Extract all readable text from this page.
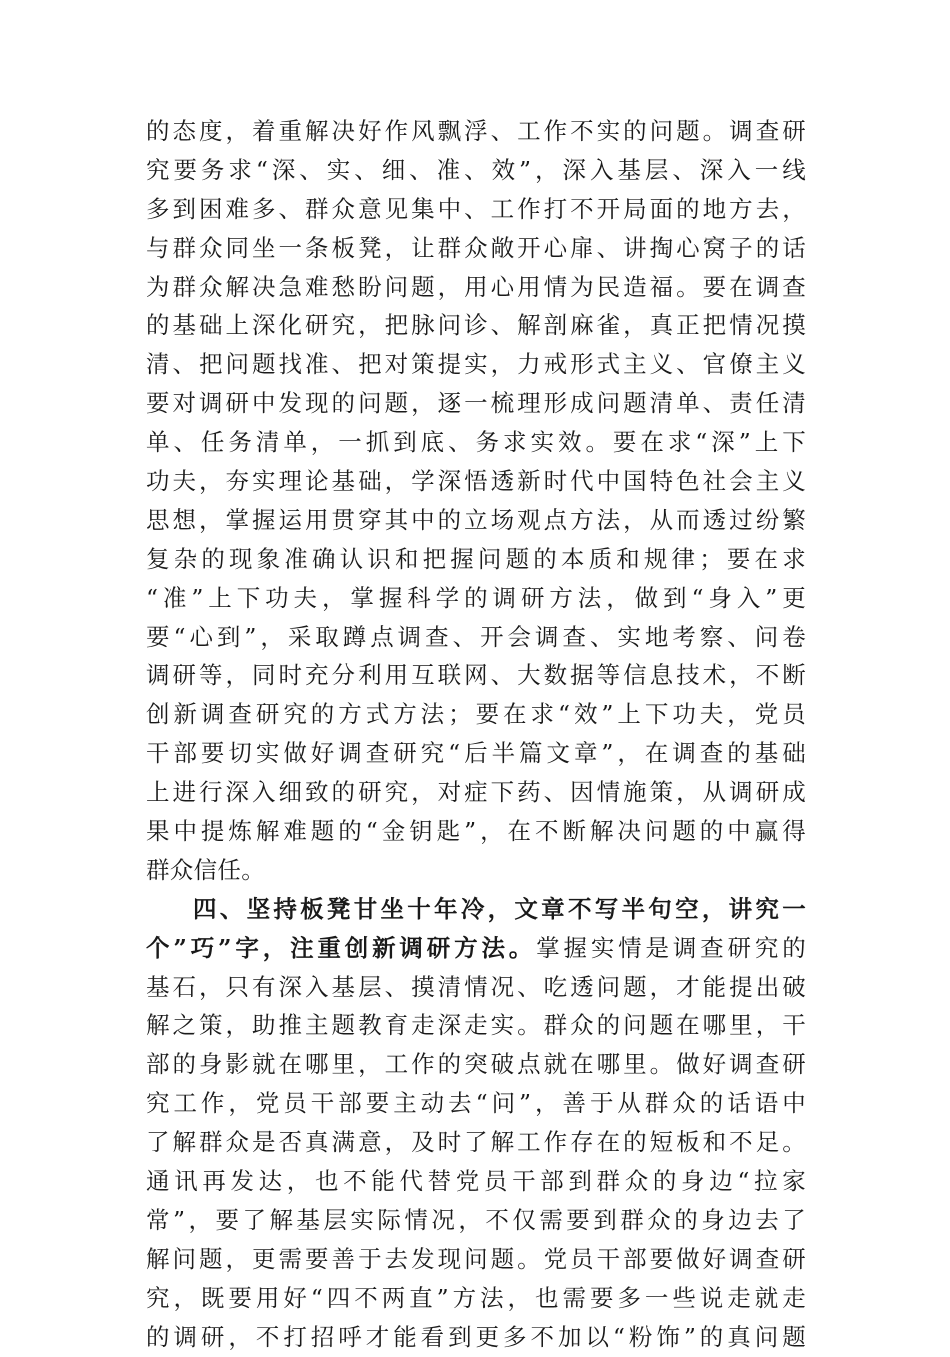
的态度，着重解决好作风飘浮、工作不实的问题。调查研
究要务求“深、实、细、准、效”，深入基层、深入一线
多到困难多、群众意见集中、工作打不开局面的地方去，
与群众同坐一条板凳，让群众敞开心扉、讲掏心窝子的话
为群众解决急难愁盼问题，用心用情为民造福。要在调查
的基础上深化研究，把脉问诊、解剖麻雀，真正把情况摸
清、把问题找准、把对策提实，力戒形式主义、官僚主义
要对调研中发现的问题，逐一梳理形成问题清单、责任清
单、任务清单，一抓到底、务求实效。要在求“深”上下
功夫，夯实理论基础，学深悟透新时代中国特色社会主义
思想，掌握运用贯穿其中的立场观点方法，从而透过纷繁
复杂的现象准确认识和把握问题的本质和规律；要在求
“准”上下功夫，掌握科学的调研方法，做到“身入”更
要“心到”，采取蹲点调查、开会调查、实地考察、问卷
调研等，同时充分利用互联网、大数据等信息技术，不断
创新调查研究的方式方法；要在求“效”上下功夫，党员
干部要切实做好调查研究“后半篇文章”，在调查的基础
上进行深入细致的研究，对症下药、因情施策，从调研成
果中提炼解难题的“金钥匙”，在不断解决问题的中赢得
群众信任。
四、坚持板凳甘坐十年冷，文章不写半句空，讲究一
个”巧”字，注重创新调研方法。掌握实情是调查研究的
基石，只有深入基层、摸清情况、吃透问题，才能提出破
解之策，助推主题教育走深走实。群众的问题在哪里，干
部的身影就在哪里，工作的突破点就在哪里。做好调查研
究工作，党员干部要主动去“问”，善于从群众的话语中
了解群众是否真满意，及时了解工作存在的短板和不足。
通讯再发达，也不能代替党员干部到群众的身边“拉家
常”，要了解基层实际情况，不仅需要到群众的身边去了
解问题，更需要善于去发现问题。党员干部要做好调查研
究，既要用好“四不两直”方法，也需要多一些说走就走
的调研，不打招呼才能看到更多不加以“粉饰”的真问题
